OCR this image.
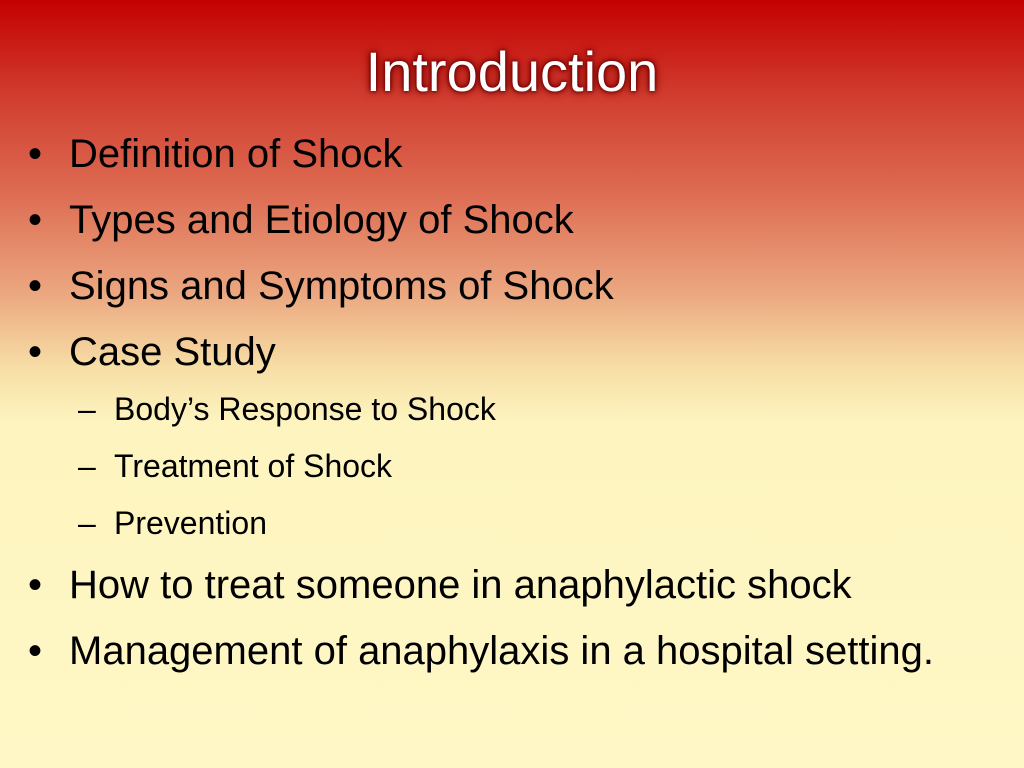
Introduction
• Definition of Shock
• Types and Etiology of Shock
• Signs and Symptoms of Shock
• Case Study
– Body’s Response to Shock
– Treatment of Shock
– Prevention
• How to treat someone in anaphylactic shock
• Management of anaphylaxis in a hospital setting.
